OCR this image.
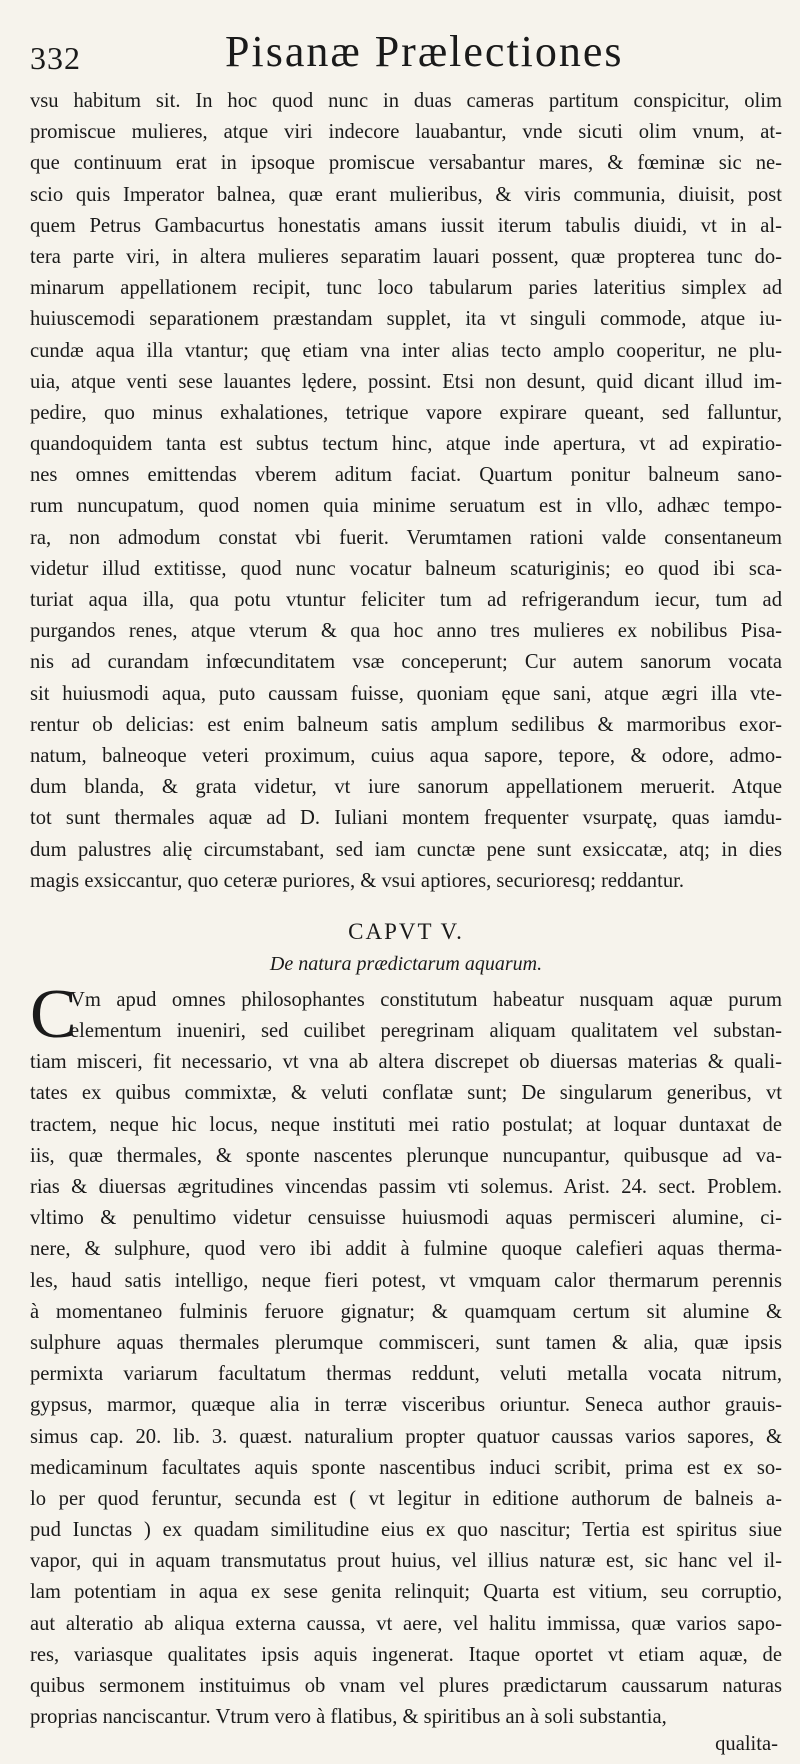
332	Pisanæ Prælectiones
vsu habitum sit. In hoc quod nunc in duas cameras partitum conspicitur, olim
promiscue mulieres, atque viri indecore lauabantur, vnde sicuti olim vnum, at-
que continuum erat in ipsoque promiscue versabantur mares, & fœminæ sic ne-
scio quis Imperator balnea, quæ erant mulieribus, & viris communia, diuisit, post
quem Petrus Gambacurtus honestatis amans iussit iterum tabulis diuidi, vt in al-
tera parte viri, in altera mulieres separatim lauari possent, quæ propterea tunc do-
minarum appellationem recipit, tunc loco tabularum paries lateritius simplex ad
huiuscemodi separationem præstandam supplet, ita vt singuli commode, atque iu-
cundæ aqua illa vtantur; quę etiam vna inter alias tecto amplo cooperitur, ne plu-
uia, atque venti sese lauantes lędere, possint. Etsi non desunt, quid dicant illud im-
pedire, quo minus exhalationes, tetrique vapore expirare queant, sed falluntur,
quandoquidem tanta est subtus tectum hinc, atque inde apertura, vt ad expiratio-
nes omnes emittendas vberem aditum faciat. Quartum ponitur balneum sano-
rum nuncupatum, quod nomen quia minime seruatum est in vllo, adhæc tempo-
ra, non admodum constat vbi fuerit. Verumtamen rationi valde consentaneum
videtur illud extitisse, quod nunc vocatur balneum scaturiginis; eo quod ibi sca-
turiat aqua illa, qua potu vtuntur feliciter tum ad refrigerandum iecur, tum ad
purgandos renes, atque vterum & qua hoc anno tres mulieres ex nobilibus Pisa-
nis ad curandam infœcunditatem vsæ conceperunt; Cur autem sanorum vocata
sit huiusmodi aqua, puto caussam fuisse, quoniam ęque sani, atque ægri illa vte-
rentur ob delicias: est enim balneum satis amplum sedilibus & marmoribus exor-
natum, balneoque veteri proximum, cuius aqua sapore, tepore, & odore, admo-
dum blanda, & grata videtur, vt iure sanorum appellationem meruerit. Atque
tot sunt thermales aquæ ad D. Iuliani montem frequenter vsurpatę, quas iamdu-
dum palustres alię circumstabant, sed iam cunctæ pene sunt exsiccatæ, atq; in dies
magis exsiccantur, quo ceteræ puriores, & vsui aptiores, securioresq; reddantur.
CAPVT V.
De natura prædictarum aquarum.
C
Vm apud omnes philosophantes constitutum habeatur nusquam aquæ purum
elementum inueniri, sed cuilibet peregrinam aliquam qualitatem vel substan-
tiam misceri, fit necessario, vt vna ab altera discrepet ob diuersas materias & quali-
tates ex quibus commixtæ, & veluti conflatæ sunt; De singularum generibus, vt
tractem, neque hic locus, neque instituti mei ratio postulat; at loquar duntaxat de
iis, quæ thermales, & sponte nascentes plerunque nuncupantur, quibusque ad va-
rias & diuersas ægritudines vincendas passim vti solemus. Arist. 24. sect. Problem.
vltimo & penultimo videtur censuisse huiusmodi aquas permisceri alumine, ci-
nere, & sulphure, quod vero ibi addit à fulmine quoque calefieri aquas therma-
les, haud satis intelligo, neque fieri potest, vt vmquam calor thermarum perennis
à momentaneo fulminis feruore gignatur; & quamquam certum sit alumine &
sulphure aquas thermales plerumque commisceri, sunt tamen & alia, quæ ipsis
permixta variarum facultatum thermas reddunt, veluti metalla vocata nitrum,
gypsus, marmor, quæque alia in terræ visceribus oriuntur. Seneca author grauis-
simus cap. 20. lib. 3. quæst. naturalium propter quatuor caussas varios sapores, &
medicaminum facultates aquis sponte nascentibus induci scribit, prima est ex so-
lo per quod feruntur, secunda est ( vt legitur in editione authorum de balneis a-
pud Iunctas ) ex quadam similitudine eius ex quo nascitur; Tertia est spiritus siue
vapor, qui in aquam transmutatus prout huius, vel illius naturæ est, sic hanc vel il-
lam potentiam in aqua ex sese genita relinquit; Quarta est vitium, seu corruptio,
aut alteratio ab aliqua externa caussa, vt aere, vel halitu immissa, quæ varios sapo-
res, variasque qualitates ipsis aquis ingenerat. Itaque oportet vt etiam aquæ, de
quibus sermonem instituimus ob vnam vel plures prædictarum caussarum naturas
proprias nanciscantur. Vtrum vero à flatibus, & spiritibus an à soli substantia,
qualita-
